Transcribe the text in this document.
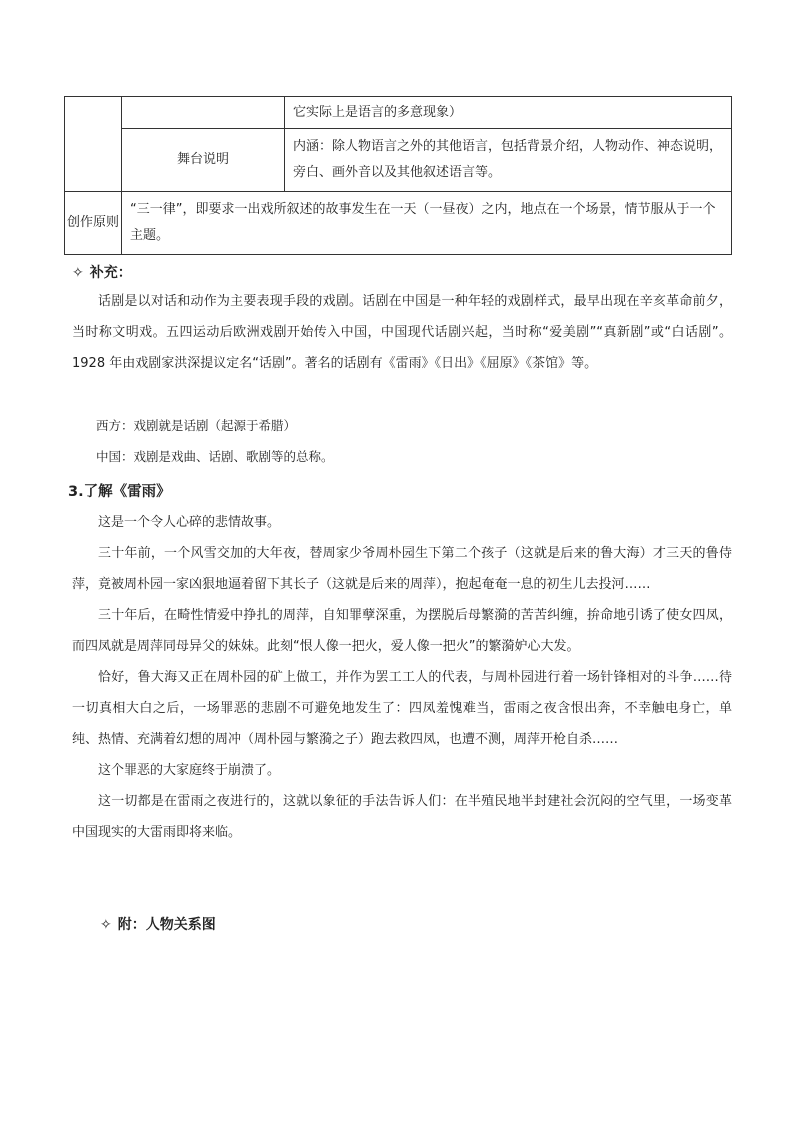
		它实际上是语言的多意现象）
	舞台说明	内涵：除人物语言之外的其他语言，包括背景介绍，人物动作、神态说明，旁白、画外音以及其他叙述语言等。
创作原则	“三一律”，即要求一出戏所叙述的故事发生在一天（一昼夜）之内，地点在一个场景，情节服从于一个主题。	
✧ 补充：

话剧是以对话和动作为主要表现手段的戏剧。话剧在中国是一种年轻的戏剧样式，最早出现在辛亥革命前夕，当时称文明戏。五四运动后欧洲戏剧开始传入中国，中国现代话剧兴起，当时称“爱美剧”“真新剧”或“白话剧”。1928 年由戏剧家洪深提议定名“话剧”。著名的话剧有《雷雨》《日出》《屈原》《茶馆》等。

西方：戏剧就是话剧（起源于希腊）

中国：戏剧是戏曲、话剧、歌剧等的总称。

3.了解《雷雨》

这是一个令人心碎的悲情故事。

三十年前，一个风雪交加的大年夜，替周家少爷周朴园生下第二个孩子（这就是后来的鲁大海）才三天的鲁侍萍，竟被周朴园一家凶狠地逼着留下其长子（这就是后来的周萍），抱起奄奄一息的初生儿去投河……

三十年后，在畸性情爱中挣扎的周萍，自知罪孽深重，为摆脱后母繁漪的苦苦纠缠，拚命地引诱了使女四凤，而四凤就是周萍同母异父的妹妹。此刻“恨人像一把火，爱人像一把火”的繁漪妒心大发。

恰好，鲁大海又正在周朴园的矿上做工，并作为罢工工人的代表，与周朴园进行着一场针锋相对的斗争……待一切真相大白之后，一场罪恶的悲剧不可避免地发生了：四凤羞愧难当，雷雨之夜含恨出奔，不幸触电身亡，单纯、热情、充满着幻想的周冲（周朴园与繁漪之子）跑去救四凤，也遭不测，周萍开枪自杀……

这个罪恶的大家庭终于崩溃了。

这一切都是在雷雨之夜进行的，这就以象征的手法告诉人们：在半殖民地半封建社会沉闷的空气里，一场变革中国现实的大雷雨即将来临。

✧ 附：人物关系图
